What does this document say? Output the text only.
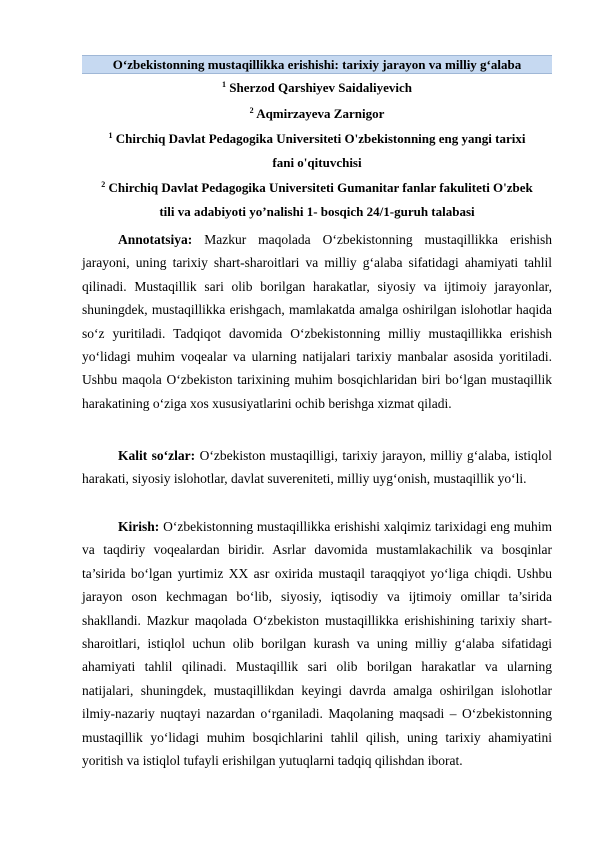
O‘zbekistonning mustaqillikka erishishi: tarixiy jarayon va milliy g‘alaba
$^1$ Sherzod Qarshiyev Saidaliyevich
$^2$ Aqmirzayeva Zarnigor
$^1$ Chirchiq Davlat Pedagogika Universiteti O'zbekistonning eng yangi tarixi
fani o'qituvchisi
$^2$ Chirchiq Davlat Pedagogika Universiteti Gumanitar fanlar fakuliteti O'zbek
tili va adabiyoti yo’nalishi 1- bosqich 24/1-guruh talabasi

Annotatsiya: Mazkur maqolada O‘zbekistonning mustaqillikka erishish jarayoni, uning tarixiy shart-sharoitlari va milliy g‘alaba sifatidagi ahamiyati tahlil qilinadi. Mustaqillik sari olib borilgan harakatlar, siyosiy va ijtimoiy jarayonlar, shuningdek, mustaqillikka erishgach, mamlakatda amalga oshirilgan islohotlar haqida so‘z yuritiladi. Tadqiqot davomida O‘zbekistonning milliy mustaqillikka erishish yo‘lidagi muhim voqealar va ularning natijalari tarixiy manbalar asosida yoritiladi. Ushbu maqola O‘zbekiston tarixining muhim bosqichlaridan biri bo‘lgan mustaqillik harakatining o‘ziga xos xususiyatlarini ochib berishga xizmat qiladi.

Kalit so‘zlar: O‘zbekiston mustaqilligi, tarixiy jarayon, milliy g‘alaba, istiqlol harakati, siyosiy islohotlar, davlat suvereniteti, milliy uyg‘onish, mustaqillik yo‘li.

Kirish: O‘zbekistonning mustaqillikka erishishi xalqimiz tarixidagi eng muhim va taqdiriy voqealardan biridir. Asrlar davomida mustamlakachilik va bosqinlar ta’sirida bo‘lgan yurtimiz XX asr oxirida mustaqil taraqqiyot yo‘liga chiqdi. Ushbu jarayon oson kechmagan bo‘lib, siyosiy, iqtisodiy va ijtimoiy omillar ta’sirida shakllandi. Mazkur maqolada O‘zbekiston mustaqillikka erishishining tarixiy shart-sharoitlari, istiqlol uchun olib borilgan kurash va uning milliy g‘alaba sifatidagi ahamiyati tahlil qilinadi. Mustaqillik sari olib borilgan harakatlar va ularning natijalari, shuningdek, mustaqillikdan keyingi davrda amalga oshirilgan islohotlar ilmiy-nazariy nuqtayi nazardan o‘rganiladi. Maqolaning maqsadi – O‘zbekistonning mustaqillik yo‘lidagi muhim bosqichlarini tahlil qilish, uning tarixiy ahamiyatini yoritish va istiqlol tufayli erishilgan yutuqlarni tadqiq qilishdan iborat.
